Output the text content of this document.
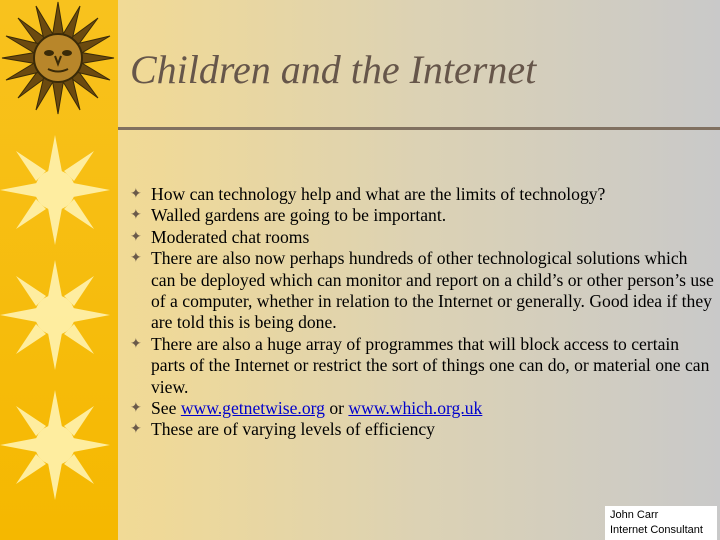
Children and the Internet
✦ How can technology help and what are the limits of technology?
✦ Walled gardens are going to be important.
✦ Moderated chat rooms
✦ There are also now perhaps hundreds of other technological solutions which can be deployed which can monitor and report on a child’s or other person’s use of a computer, whether in relation to the Internet or generally. Good idea if they are told this is being done.
✦ There are also a huge array of programmes that will block access to certain parts of the Internet or restrict the sort of things one can do, or material one can view.
✦ See www.getnetwise.org or www.which.org.uk
✦ These are of varying levels of efficiency
John Carr
Internet Consultant
